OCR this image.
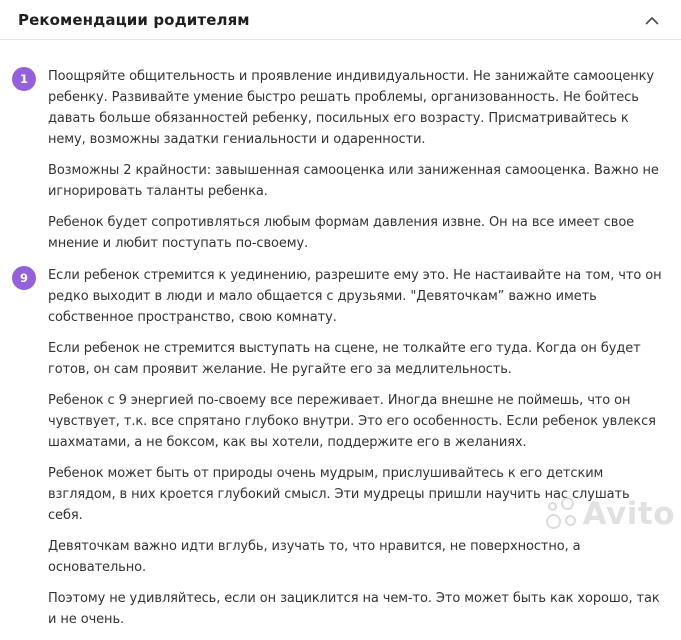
Рекомендации родителям
1	Поощряйте общительность и проявление индивидуальности. Не занижайте самооценку ребенку. Развивайте умение быстро решать проблемы, организованность. Не бойтесь давать больше обязанностей ребенку, посильных его возрасту. Присматривайтесь к нему, возможны задатки гениальности и одаренности.

Возможны 2 крайности: завышенная самооценка или заниженная самооценка. Важно не игнорировать таланты ребенка.

Ребенок будет сопротивляться любым формам давления извне. Он на все имеет свое мнение и любит поступать по-своему.

9	Если ребенок стремится к уединению, разрешите ему это. Не настаивайте на том, что он редко выходит в люди и мало общается с друзьями. "Девяточкам” важно иметь собственное пространство, свою комнату.

Если ребенок не стремится выступать на сцене, не толкайте его туда. Когда он будет готов, он сам проявит желание. Не ругайте его за медлительность.

Ребенок с 9 энергией по-своему все переживает. Иногда внешне не поймешь, что он чувствует, т.к. все спрятано глубоко внутри. Это его особенность. Если ребенок увлекся шахматами, а не боксом, как вы хотели, поддержите его в желаниях.

Ребенок может быть от природы очень мудрым, прислушивайтесь к его детским взглядом, в них кроется глубокий смысл. Эти мудрецы пришли научить нас слушать себя.

Девяточкам важно идти вглубь, изучать то, что нравится, не поверхностно, а основательно.

Поэтому не удивляйтесь, если он зациклится на чем-то. Это может быть как хорошо, так и не очень.

Avito
